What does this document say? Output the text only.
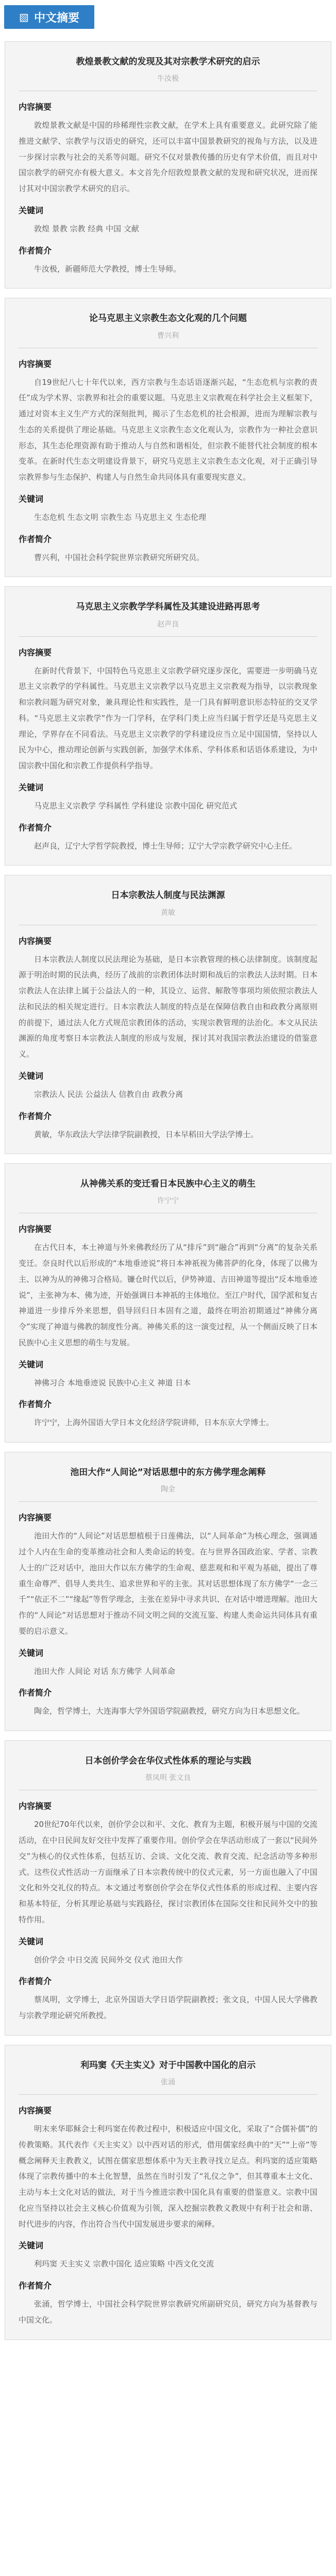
▧ 中文摘要
教煌景教文献的发现及其对宗教学术研究的启示
牛汝极
内容摘要

敦煌景教文献是中国的珍稀理性宗教文献，在学术上具有重要意义。此研究除了能推进文献学、宗教学与汉语史的研究，还可以丰富中国景教研究的视角与方法，以及进一步探讨宗教与社会的关系等问题。研究不仅对景教传播的历史有学术价值，而且对中国宗教学的研究亦有极大意义。本文首先介绍敦煌景教文献的发现和研究状况，进而探讨其对中国宗教学术研究的启示。

关键词

敦煌 景教 宗教 经典 中国 文献

作者简介

牛汝极，新疆师范大学教授，博士生导师。

论马克思主义宗教生态文化观的几个问题
曹兴利
内容摘要

自19世纪八七十年代以来，西方宗教与生态话语逐渐兴起，“生态危机与宗教的责任”成为学术界、宗教界和社会的重要议题。马克思主义宗教观在科学社会主义框架下，通过对资本主义生产方式的深刻批判，揭示了生态危机的社会根源，进而为理解宗教与生态的关系提供了理论基础。马克思主义宗教生态文化观认为，宗教作为一种社会意识形态，其生态伦理资源有助于推动人与自然和谐相处，但宗教不能替代社会制度的根本变革。在新时代生态文明建设背景下，研究马克思主义宗教生态文化观，对于正确引导宗教界参与生态保护、构建人与自然生命共同体具有重要现实意义。

关键词

生态危机 生态文明 宗教生态 马克思主义 生态伦理

作者简介

曹兴利，中国社会科学院世界宗教研究所研究员。

马克思主义宗教学学科属性及其建设进路再思考
赵声良
内容摘要

在新时代背景下，中国特色马克思主义宗教学研究逐步深化，需要进一步明确马克思主义宗教学的学科属性。马克思主义宗教学以马克思主义宗教观为指导，以宗教现象和宗教问题为研究对象，兼具理论性和实践性，是一门具有鲜明意识形态特征的交叉学科。“马克思主义宗教学”作为一门学科，在学科门类上应当归属于哲学还是马克思主义理论，学界存在不同看法。马克思主义宗教学的学科建设应当立足中国国情，坚持以人民为中心，推动理论创新与实践创新，加强学术体系、学科体系和话语体系建设，为中国宗教中国化和宗教工作提供科学指导。

关键词

马克思主义宗教学 学科属性 学科建设 宗教中国化 研究范式

作者简介

赵声良，辽宁大学哲学院教授，博士生导师；辽宁大学宗教学研究中心主任。

日本宗教法人制度与民法渊源
黄敏
内容摘要

日本宗教法人制度以民法理论为基础，是日本宗教管理的核心法律制度。该制度起源于明治时期的民法典，经历了战前的宗教团体法时期和战后的宗教法人法时期。日本宗教法人在法律上属于公益法人的一种，其设立、运营、解散等事项均须依照宗教法人法和民法的相关规定进行。日本宗教法人制度的特点是在保障信教自由和政教分离原则的前提下，通过法人化方式规范宗教团体的活动，实现宗教管理的法治化。本文从民法渊源的角度考察日本宗教法人制度的形成与发展，探讨其对我国宗教法治建设的借鉴意义。

关键词

宗教法人 民法 公益法人 信教自由 政教分离

作者简介

黄敏，华东政法大学法律学院副教授，日本早稻田大学法学博士。

从神佛关系的变迁看日本民族中心主义的萌生
许宁宁
内容摘要

在古代日本，本土神道与外来佛教经历了从“排斥”到“融合”再到“分离”的复杂关系变迁。奈良时代以后形成的“本地垂迹说”将日本神祇视为佛菩萨的化身，体现了以佛为主、以神为从的神佛习合格局。镰仓时代以后，伊势神道、吉田神道等提出“反本地垂迹说”，主张神为本、佛为迹，开始强调日本神祇的主体地位。至江户时代，国学派和复古神道进一步排斥外来思想，倡导回归日本固有之道，最终在明治初期通过“神佛分离令”实现了神道与佛教的制度性分离。神佛关系的这一演变过程，从一个侧面反映了日本民族中心主义思想的萌生与发展。

关键词

神佛习合 本地垂迹说 民族中心主义 神道 日本

作者简介

许宁宁，上海外国语大学日本文化经济学院讲师，日本东京大学博士。

池田大作“人间论”对话思想中的东方佛学理念阐释
陶金
内容摘要

池田大作的“人间论”对话思想植根于日莲佛法，以“人间革命”为核心理念，强调通过个人内在生命的变革推动社会和人类命运的转变。在与世界各国政治家、学者、宗教人士的广泛对话中，池田大作以东方佛学的生命观、慈悲观和和平观为基础，提出了尊重生命尊严、倡导人类共生、追求世界和平的主张。其对话思想体现了东方佛学“一念三千”“依正不二”“缘起”等哲学理念，主张在差异中寻求共识、在对话中增进理解。池田大作的“人间论”对话思想对于推动不同文明之间的交流互鉴、构建人类命运共同体具有重要的启示意义。

关键词

池田大作 人间论 对话 东方佛学 人间革命

作者简介

陶金，哲学博士，大连海事大学外国语学院副教授，研究方向为日本思想文化。

日本创价学会在华仪式性体系的理论与实践
蔡凤明 张文良
内容摘要

20世纪70年代以来，创价学会以和平、文化、教育为主题，积极开展与中国的交流活动，在中日民间友好交往中发挥了重要作用。创价学会在华活动形成了一套以“民间外交”为核心的仪式性体系，包括互访、会谈、文化交流、教育交流、纪念活动等多种形式。这些仪式性活动一方面继承了日本宗教传统中的仪式元素，另一方面也融入了中国文化和外交礼仪的特点。本文通过考察创价学会在华仪式性体系的形成过程、主要内容和基本特征，分析其理论基础与实践路径，探讨宗教团体在国际交往和民间外交中的独特作用。

关键词

创价学会 中日交流 民间外交 仪式 池田大作

作者简介

蔡凤明，文学博士，北京外国语大学日语学院副教授；张文良，中国人民大学佛教与宗教学理论研究所教授。

利玛窦《天主实义》对于中国教中国化的启示
张涌
内容摘要

明末来华耶稣会士利玛窦在传教过程中，积极适应中国文化，采取了“合儒补儒”的传教策略。其代表作《天主实义》以中西对话的形式，借用儒家经典中的“天”“上帝”等概念阐释天主教教义，试图在儒家思想体系中为天主教寻找立足点。利玛窦的适应策略体现了宗教传播中的本土化智慧，虽然在当时引发了“礼仪之争”，但其尊重本土文化、主动与本土文化对话的做法，对于当今推进宗教中国化具有重要的借鉴意义。宗教中国化应当坚持以社会主义核心价值观为引领，深入挖掘宗教教义教规中有利于社会和谐、时代进步的内容，作出符合当代中国发展进步要求的阐释。

关键词

利玛窦 天主实义 宗教中国化 适应策略 中西文化交流

作者简介

张涌，哲学博士，中国社会科学院世界宗教研究所副研究员，研究方向为基督教与中国文化。
